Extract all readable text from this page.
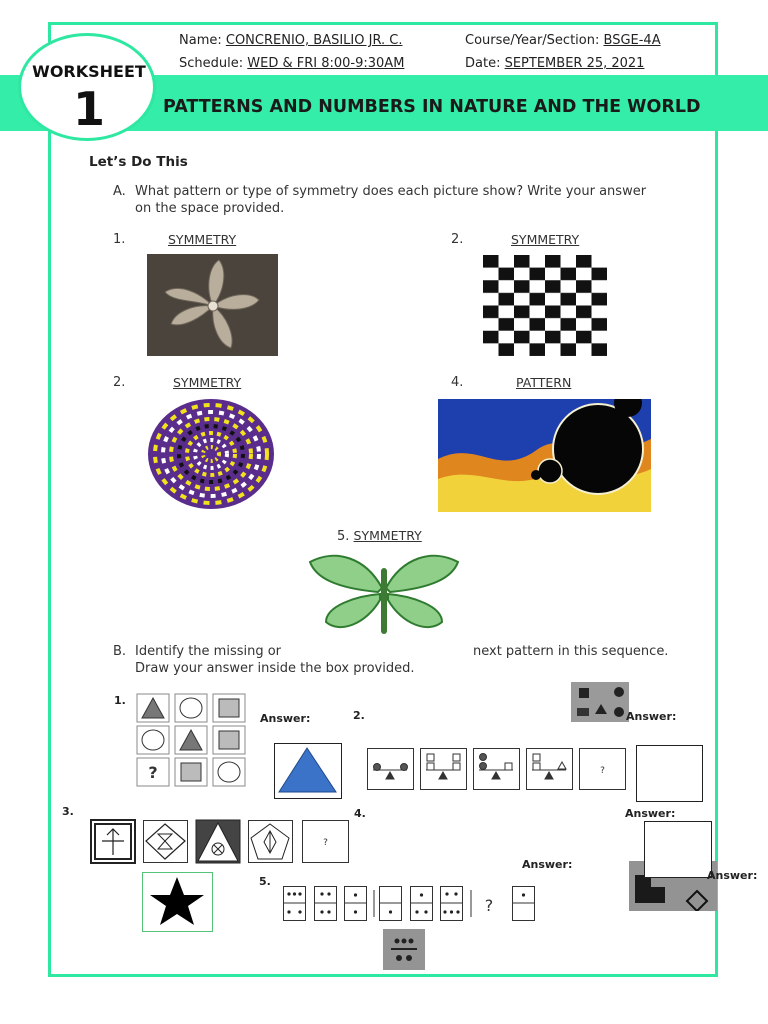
PATTERNS AND NUMBERS IN NATURE AND THE WORLD
WORKSHEET
1
Name: CONCRENIO, BASILIO JR. C.	Course/Year/Section: BSGE-4A
Schedule: WED & FRI 8:00-9:30AM	Date: SEPTEMBER 25, 2021
Let’s Do This
A. What pattern or type of symmetry does each picture show? Write your answer
on the space provided.
1.	SYMMETRY	2.	SYMMETRY
2.	SYMMETRY	4.	PATTERN
5. SYMMETRY
B. Identify the missing or	next pattern in this sequence.
Draw your answer inside the box provided.
1.
?
Answer:	2.	Answer:
?
3.
?
4.	Answer:
Answer:
Answer:
5.
?
